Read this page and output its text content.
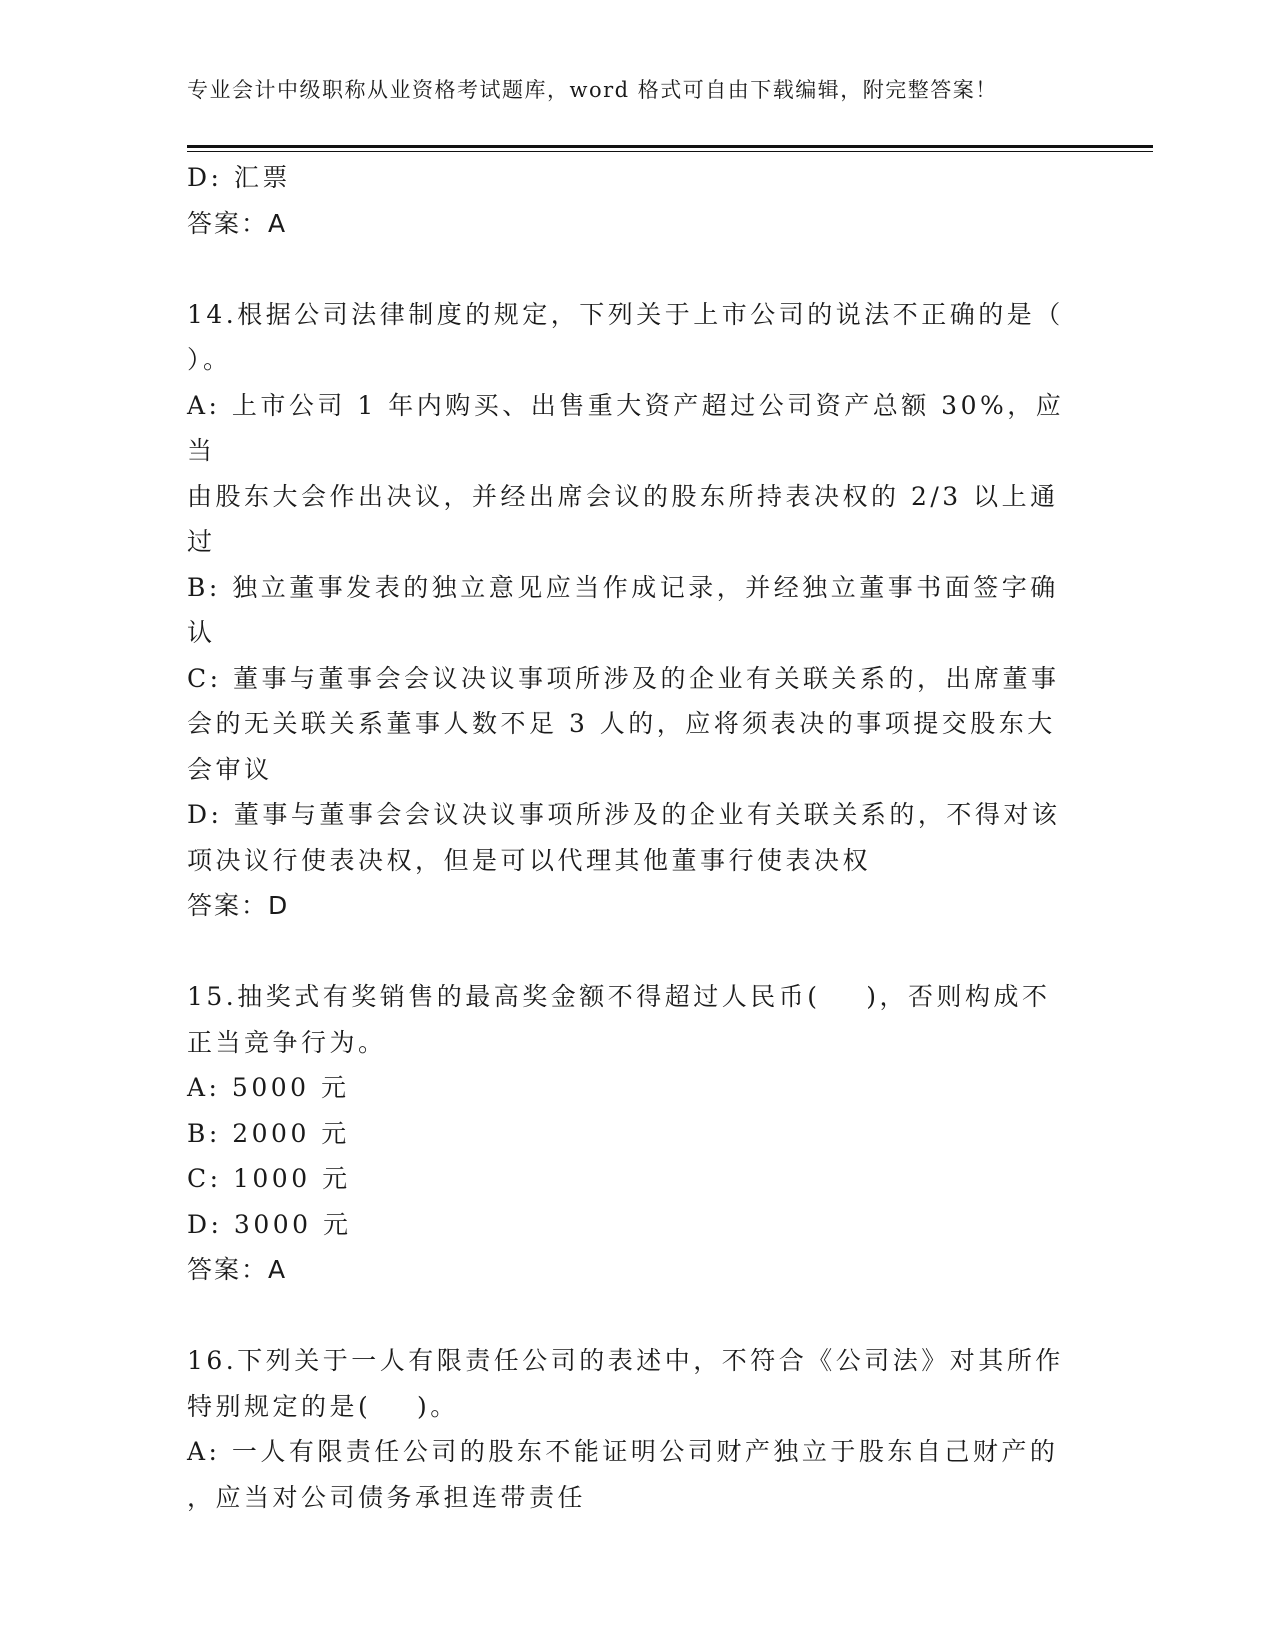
专业会计中级职称从业资格考试题库，word 格式可自由下载编辑，附完整答案！
D: 汇票
答案：A
14.根据公司法律制度的规定，下列关于上市公司的说法不正确的是（
）。
A: 上市公司 1 年内购买、出售重大资产超过公司资产总额 30%，应当
由股东大会作出决议，并经出席会议的股东所持表决权的 2/3 以上通
过
B: 独立董事发表的独立意见应当作成记录，并经独立董事书面签字确
认
C: 董事与董事会会议决议事项所涉及的企业有关联关系的，出席董事
会的无关联关系董事人数不足 3 人的，应将须表决的事项提交股东大
会审议
D: 董事与董事会会议决议事项所涉及的企业有关联关系的，不得对该
项决议行使表决权，但是可以代理其他董事行使表决权
答案：D
15.抽奖式有奖销售的最高奖金额不得超过人民币(    )，否则构成不
正当竞争行为。
A: 5000 元
B: 2000 元
C: 1000 元
D: 3000 元
答案：A
16.下列关于一人有限责任公司的表述中，不符合《公司法》对其所作
特别规定的是(    )。
A: 一人有限责任公司的股东不能证明公司财产独立于股东自己财产的
，应当对公司债务承担连带责任
